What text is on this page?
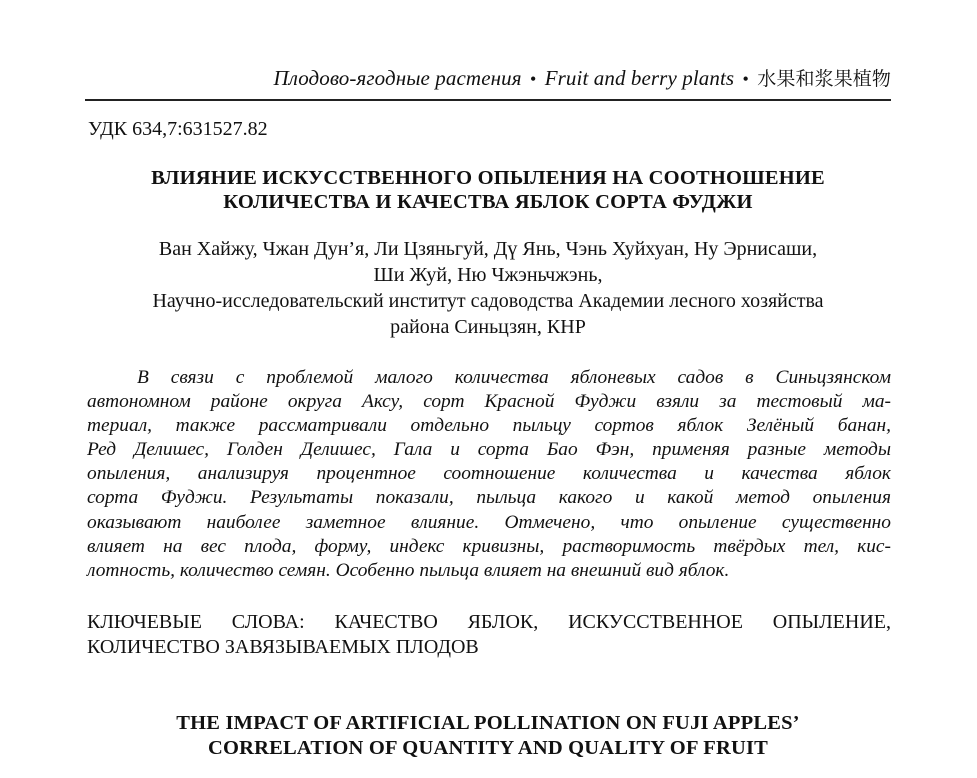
Плодово-ягодные растения • Fruit and berry plants • 水果和浆果植物
УДК 634,7:631527.82
ВЛИЯНИЕ ИСКУССТВЕННОГО ОПЫЛЕНИЯ НА СООТНОШЕНИЕ
КОЛИЧЕСТВА И КАЧЕСТВА ЯБЛОК СОРТА ФУДЖИ
Ван Хайжу, Чжан Дун’я, Ли Цзяньгуй, Дү Янь, Чэнь Хуйхуан, Ну Эрнисаши,
Ши Жуй, Ню Чжэньчжэнь,
Научно-исследовательский институт садоводства Академии лесного хозяйства
района Синьцзян, КНР
В связи с проблемой малого количества яблоневых садов в Синьцзянском
автономном районе округа Аксу, сорт Красной Фуджи взяли за тестовый ма-
териал, также рассматривали отдельно пыльцу сортов яблок Зелёный банан,
Ред Делишес, Голден Делишес, Гала и сорта Бао Фэн, применяя разные методы
опыления, анализируя процентное соотношение количества и качества яблок
сорта Фуджи. Результаты показали, пыльца какого и какой метод опыления
оказывают наиболее заметное влияние. Отмечено, что опыление существенно
влияет на вес плода, форму, индекс кривизны, растворимость твёрдых тел, кис-
лотность, количество семян. Особенно пыльца влияет на внешний вид яблок.
КЛЮЧЕВЫЕ СЛОВА: КАЧЕСТВО ЯБЛОК, ИСКУССТВЕННОЕ ОПЫЛЕНИЕ,
КОЛИЧЕСТВО ЗАВЯЗЫВАЕМЫХ ПЛОДОВ
THE IMPACT OF ARTIFICIAL POLLINATION ON FUJI APPLES’
CORRELATION OF QUANTITY AND QUALITY OF FRUIT
